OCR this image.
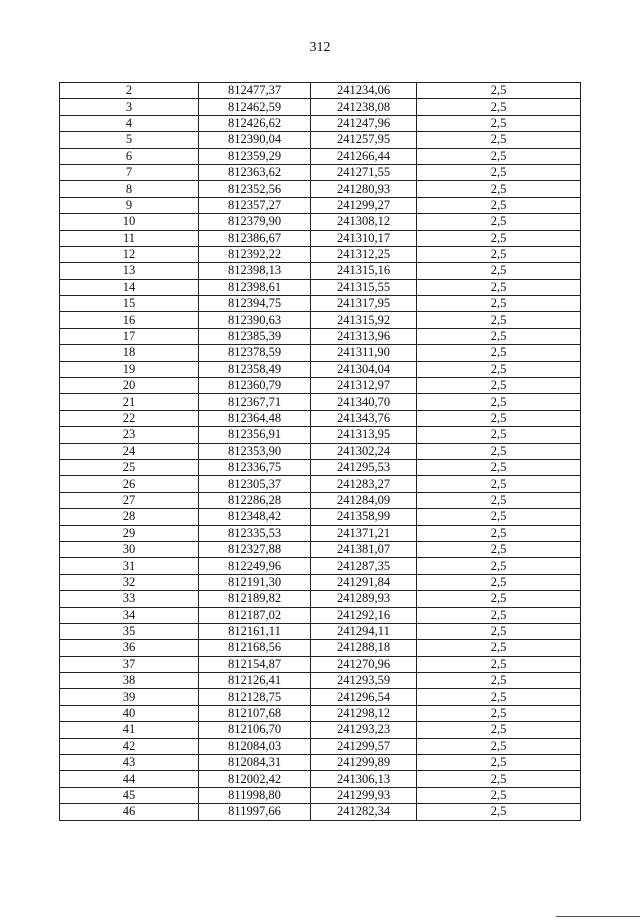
312
2	812477,37	241234,06	2,5
3	812462,59	241238,08	2,5
4	812426,62	241247,96	2,5
5	812390,04	241257,95	2,5
6	812359,29	241266,44	2,5
7	812363,62	241271,55	2,5
8	812352,56	241280,93	2,5
9	812357,27	241299,27	2,5
10	812379,90	241308,12	2,5
11	812386,67	241310,17	2,5
12	812392,22	241312,25	2,5
13	812398,13	241315,16	2,5
14	812398,61	241315,55	2,5
15	812394,75	241317,95	2,5
16	812390,63	241315,92	2,5
17	812385,39	241313,96	2,5
18	812378,59	241311,90	2,5
19	812358,49	241304,04	2,5
20	812360,79	241312,97	2,5
21	812367,71	241340,70	2,5
22	812364,48	241343,76	2,5
23	812356,91	241313,95	2,5
24	812353,90	241302,24	2,5
25	812336,75	241295,53	2,5
26	812305,37	241283,27	2,5
27	812286,28	241284,09	2,5
28	812348,42	241358,99	2,5
29	812335,53	241371,21	2,5
30	812327,88	241381,07	2,5
31	812249,96	241287,35	2,5
32	812191,30	241291,84	2,5
33	812189,82	241289,93	2,5
34	812187,02	241292,16	2,5
35	812161,11	241294,11	2,5
36	812168,56	241288,18	2,5
37	812154,87	241270,96	2,5
38	812126,41	241293,59	2,5
39	812128,75	241296,54	2,5
40	812107,68	241298,12	2,5
41	812106,70	241293,23	2,5
42	812084,03	241299,57	2,5
43	812084,31	241299,89	2,5
44	812002,42	241306,13	2,5
45	811998,80	241299,93	2,5
46	811997,66	241282,34	2,5
